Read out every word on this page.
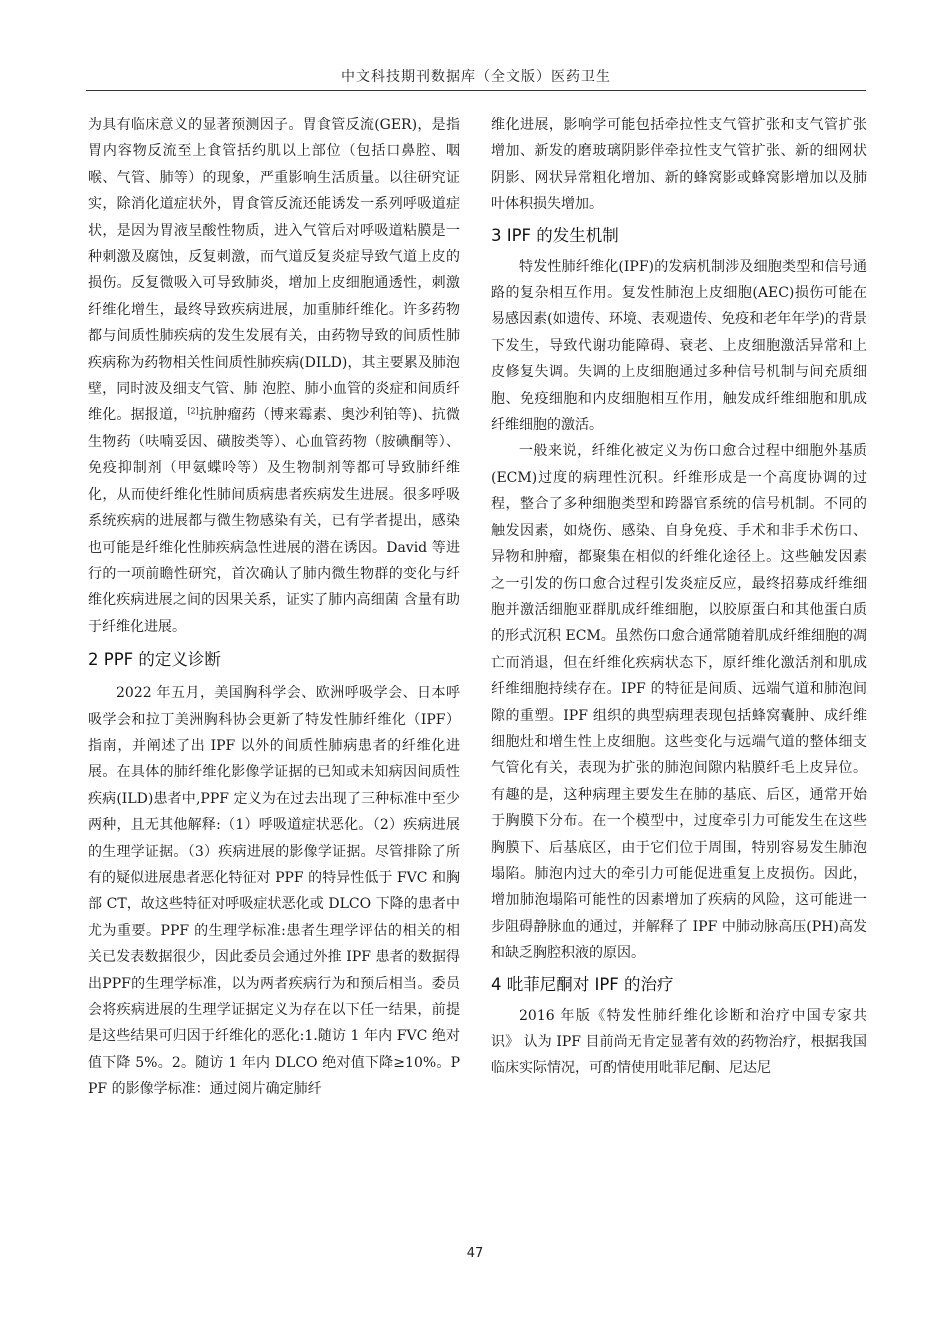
中文科技期刊数据库（全文版）医药卫生

为具有临床意义的显著预测因子。胃食管反流(GER)，是指胃内容物反流至上食管括约肌以上部位（包括口鼻腔、咽喉、气管、肺等）的现象，严重影响生活质量。以往研究证实，除消化道症状外，胃食管反流还能诱发一系列呼吸道症状，是因为胃液呈酸性物质，进入气管后对呼吸道粘膜是一种刺激及腐蚀，反复刺激，而气道反复炎症导致气道上皮的损伤。反复微吸入可导致肺炎，增加上皮细胞通透性，刺激纤维化增生，最终导致疾病进展，加重肺纤维化。许多药物都与间质性肺疾病的发生发展有关，由药物导致的间质性肺疾病称为药物相关性间质性肺疾病(DILD)，其主要累及肺泡壁，同时波及细支气管、肺 泡腔、肺小血管的炎症和间质纤维化。据报道，[2]抗肿瘤药（博来霉素、奥沙利铂等)、抗微生物药（呋喃妥因、磺胺类等）、心血管药物（胺碘酮等）、免疫抑制剂（甲氨蝶呤等）及生物制剂等都可导致肺纤维化，从而使纤维化性肺间质病患者疾病发生进展。很多呼吸系统疾病的进展都与微生物感染有关，已有学者提出，感染也可能是纤维化性肺疾病急性进展的潜在诱因。David 等进行的一项前瞻性研究，首次确认了肺内微生物群的变化与纤维化疾病进展之间的因果关系，证实了肺内高细菌 含量有助于纤维化进展。

2 PPF 的定义诊断

2022 年五月，美国胸科学会、欧洲呼吸学会、日本呼吸学会和拉丁美洲胸科协会更新了特发性肺纤维化（IPF）指南，并阐述了出 IPF 以外的间质性肺病患者的纤维化进展。在具体的肺纤维化影像学证据的已知或未知病因间质性疾病(ILD)患者中,PPF 定义为在过去出现了三种标准中至少两种，且无其他解释:（1）呼吸道症状恶化。（2）疾病进展的生理学证据。（3）疾病进展的影像学证据。尽管排除了所有的疑似进展患者恶化特征对 PPF 的特异性低于 FVC 和胸部 CT，故这些特征对呼吸症状恶化或 DLCO 下降的患者中尤为重要。PPF 的生理学标准:患者生理学评估的相关的相关已发表数据很少，因此委员会通过外推 IPF 患者的数据得出PPF的生理学标准，以为两者疾病行为和预后相当。委员会将疾病进展的生理学证据定义为存在以下任一结果，前提是这些结果可归因于纤维化的恶化:1.随访 1 年内 FVC 绝对值下降 5%。2。随访 1 年内 DLCO 绝对值下降≥10%。PPF 的影像学标准：通过阅片确定肺纤

维化进展，影响学可能包括牵拉性支气管扩张和支气管扩张增加、新发的磨玻璃阴影伴牵拉性支气管扩张、新的细网状阴影、网状异常粗化增加、新的蜂窝影或蜂窝影增加以及肺叶体积损失增加。

3 IPF 的发生机制

特发性肺纤维化(IPF)的发病机制涉及细胞类型和信号通路的复杂相互作用。复发性肺泡上皮细胞(AEC)损伤可能在易感因素(如遗传、环境、表观遗传、免疫和老年年学)的背景下发生，导致代谢功能障碍、衰老、上皮细胞激活异常和上皮修复失调。失调的上皮细胞通过多种信号机制与间充质细胞、免疫细胞和内皮细胞相互作用，触发成纤维细胞和肌成纤维细胞的激活。

一般来说，纤维化被定义为伤口愈合过程中细胞外基质(ECM)过度的病理性沉积。纤维形成是一个高度协调的过程，整合了多种细胞类型和跨器官系统的信号机制。不同的触发因素，如烧伤、感染、自身免疫、手术和非手术伤口、异物和肿瘤，都聚集在相似的纤维化途径上。这些触发因素之一引发的伤口愈合过程引发炎症反应，最终招募成纤维细胞并激活细胞亚群肌成纤维细胞，以胶原蛋白和其他蛋白质的形式沉积 ECM。虽然伤口愈合通常随着肌成纤维细胞的凋亡而消退，但在纤维化疾病状态下，原纤维化激活剂和肌成纤维细胞持续存在。IPF 的特征是间质、远端气道和肺泡间隙的重塑。IPF 组织的典型病理表现包括蜂窝囊肿、成纤维细胞灶和增生性上皮细胞。这些变化与远端气道的整体细支气管化有关，表现为扩张的肺泡间隙内粘膜纤毛上皮异位。有趣的是，这种病理主要发生在肺的基底、后区，通常开始于胸膜下分布。在一个模型中，过度牵引力可能发生在这些胸膜下、后基底区，由于它们位于周围，特别容易发生肺泡塌陷。肺泡内过大的牵引力可能促进重复上皮损伤。因此，增加肺泡塌陷可能性的因素增加了疾病的风险，这可能进一步阻碍静脉血的通过，并解释了 IPF 中肺动脉高压(PH)高发和缺乏胸腔积液的原因。

4 吡菲尼酮对 IPF 的治疗

2016 年版《特发性肺纤维化诊断和治疗中国专家共识》 认为 IPF 目前尚无肯定显著有效的药物治疗，根据我国临床实际情况，可酌情使用吡菲尼酮、尼达尼

47
